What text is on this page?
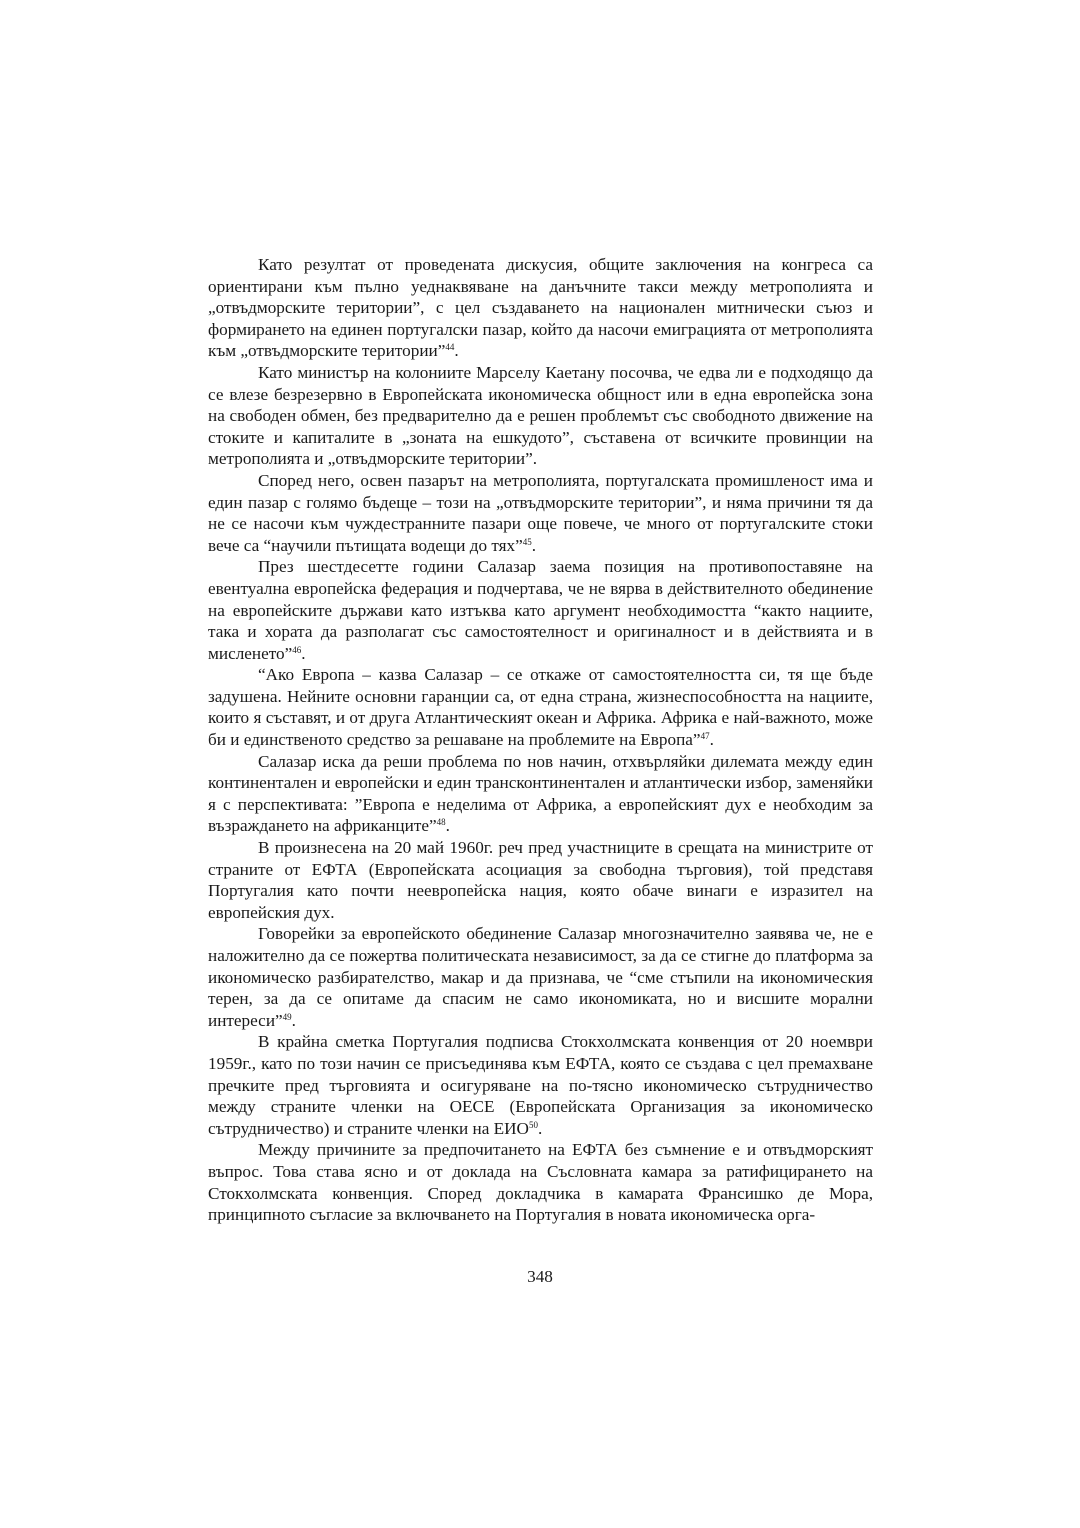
Като резултат от проведената дискусия, общите заключения на конгреса са ориентирани към пълно уеднаквяване на данъчните такси между метрополията и „отвъдморските територии”, с цел създаването на национален митнически съюз и формирането на единен португалски пазар, който да насочи емиграцията от метрополията към „отвъдморските територии”$^{44}$.

Като министър на колониите Марселу Каетану посочва, че едва ли е подходящо да се влезе безрезервно в Европейската икономическа общност или в една европейска зона на свободен обмен, без предварително да е решен проблемът със свободното движение на стоките и капиталите в „зоната на ешкудото”, съставена от всичките провинции на метрополията и „отвъдморските територии”.

Според него, освен пазарът на метрополията, португалската промишленост има и един пазар с голямо бъдеще – този на „отвъдморските територии”, и няма причини тя да не се насочи към чуждестранните пазари още повече, че много от португалските стоки вече са “научили пътищата водещи до тях”$^{45}$.

През шестдесетте години Салазар заема позиция на противопоставяне на евентуална европейска федерация и подчертава, че не вярва в действителното обединение на европейските държави като изтъква като аргумент необходимостта “както нациите, така и хората да разполагат със самостоятелност и оригиналност и в действията и в мисленето”$^{46}$.

“Ако Европа – казва Салазар – се откаже от самостоятелността си, тя ще бъде задушена. Нейните основни гаранции са, от една страна, жизнеспособността на нациите, които я съставят, и от друга Атлантическият океан и Африка. Африка е най-важното, може би и единственото средство за решаване на проблемите на Европа”$^{47}$.

Салазар иска да реши проблема по нов начин, отхвърляйки дилемата между един континентален и европейски и един трансконтинентален и атлантически избор, заменяйки я с перспективата: ”Европа е неделима от Африка, а европейският дух е необходим за възраждането на африканците”$^{48}$.

В произнесена на 20 май 1960г. реч пред участниците в срещата на министрите от страните от ЕФТА (Европейската асоциация за свободна търговия), той представя Португалия като почти неевропейска нация, която обаче винаги е изразител на европейския дух.

Говорейки за европейското обединение Салазар многозначително заявява че, не е наложително да се пожертва политическата независимост, за да се стигне до платформа за икономическо разбирателство, макар и да признава, че “сме стъпили на икономическия терен, за да се опитаме да спасим не само икономиката, но и висшите морални интереси”$^{49}$.

В крайна сметка Португалия подписва Стокхолмската конвенция от 20 ноември 1959г., като по този начин се присъединява към ЕФТА, която се създава с цел премахване пречките пред търговията и осигуряване на по-тясно икономическо сътрудничество между страните членки на ОЕСЕ (Европейската Организация за икономическо сътрудничество) и страните членки на ЕИО$^{50}$.

Между причините за предпочитането на ЕФТА без съмнение е и отвъдморският въпрос. Това става ясно и от доклада на Съсловната камара за ратифицирането на Стокхолмската конвенция. Според докладчика в камарата Франсишко де Мора, принципното съгласие за включването на Португалия в новата икономическа орга-

348
